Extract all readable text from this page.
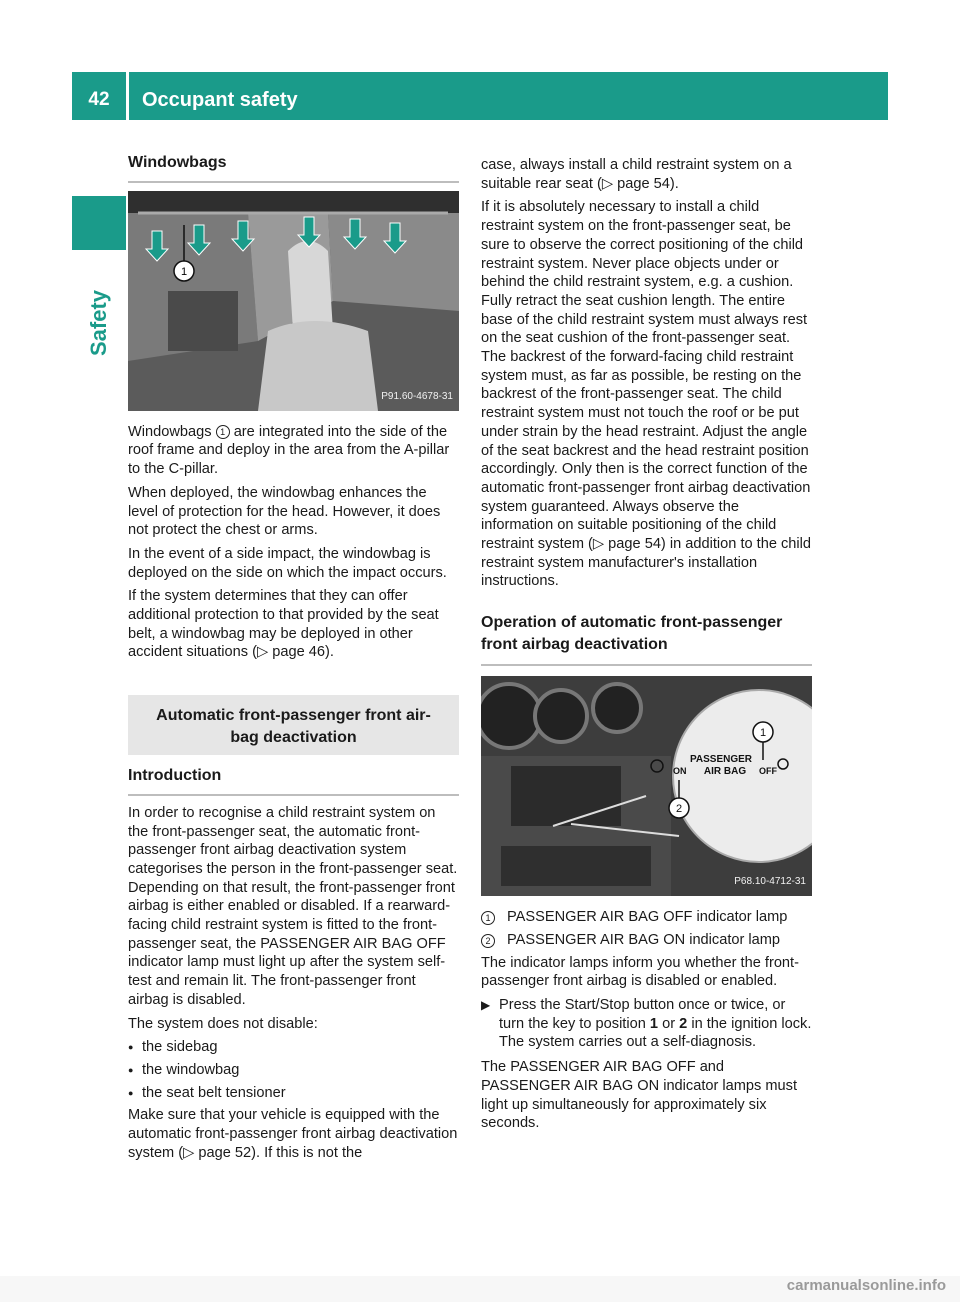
42	Occupant safety
Safety
Windowbags
1
P91.60-4678-31

Windowbags 1 are integrated into the side of the roof frame and deploy in the area from the A-pillar to the C-pillar.

When deployed, the windowbag enhances the level of protection for the head. However, it does not protect the chest or arms.

In the event of a side impact, the windowbag is deployed on the side on which the impact occurs.

If the system determines that they can offer additional protection to that provided by the seat belt, a windowbag may be deployed in other accident situations (▷ page 46).

Automatic front-passenger front air-bag deactivation
Introduction

In order to recognise a child restraint system on the front-passenger seat, the automatic front-passenger front airbag deactivation system categorises the person in the front-passenger seat. Depending on that result, the front-passenger front airbag is either enabled or disabled. If a rearward-facing child restraint system is fitted to the front-passenger seat, the PASSENGER AIR BAG OFF indicator lamp must light up after the system self-test and remain lit. The front-passenger front airbag is disabled.

The system does not disable:

● the sidebag
● the windowbag
● the seat belt tensioner

Make sure that your vehicle is equipped with the automatic front-passenger front airbag deactivation system (▷ page 52). If this is not the

case, always install a child restraint system on a suitable rear seat (▷ page 54).

If it is absolutely necessary to install a child restraint system on the front-passenger seat, be sure to observe the correct positioning of the child restraint system. Never place objects under or behind the child restraint system, e.g. a cushion. Fully retract the seat cushion length. The entire base of the child restraint system must always rest on the seat cushion of the front-passenger seat. The backrest of the forward-facing child restraint system must, as far as possible, be resting on the backrest of the front-passenger seat. The child restraint system must not touch the roof or be put under strain by the head restraint. Adjust the angle of the seat backrest and the head restraint position accordingly. Only then is the correct function of the automatic front-passenger front airbag deactivation system guaranteed. Always observe the information on suitable positioning of the child restraint system (▷ page 54) in addition to the child restraint system manufacturer's installation instructions.

Operation of automatic front-passenger front airbag deactivation
PASSENGER
AIR BAG
ON	OFF
1
2
P68.10-4712-31
1	PASSENGER AIR BAG OFF indicator lamp
2	PASSENGER AIR BAG ON indicator lamp

The indicator lamps inform you whether the front-passenger front airbag is disabled or enabled.

▶ Press the Start/Stop button once or twice, or turn the key to position 1 or 2 in the ignition lock.
The system carries out a self-diagnosis.

The PASSENGER AIR BAG OFF and PASSENGER AIR BAG ON indicator lamps must light up simultaneously for approximately six seconds.

carmanualsonline.info
